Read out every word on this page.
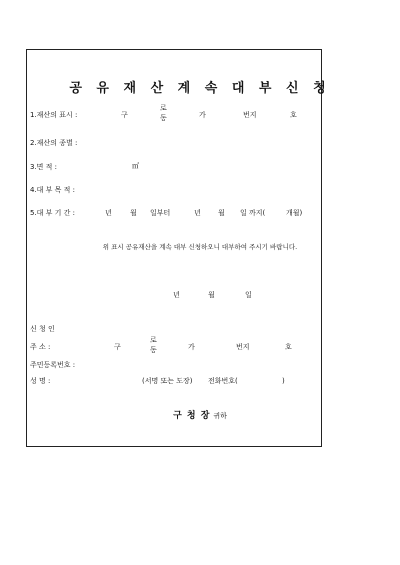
공 유 재 산 계 속 대 부 신 청
1.재산의 표시 :	구
로
동	가	번지	호
2.재산의 종별 :
3.면 적 :	㎡
4.대 부 목 적 :
5.대 부 기 간 :	년	월 일부터	년 월 일 까지(	개월)
위 표시 공유재산을 계속 대부 신청하오니 대부하여 주시기 바랍니다.
년	월	일
신 청 인
주 소 :	구
로
동	가	번지	호
주민등록번호 :
성 명 :	(서명 또는 도장) 전화번호(	)
구 청 장 귀하
